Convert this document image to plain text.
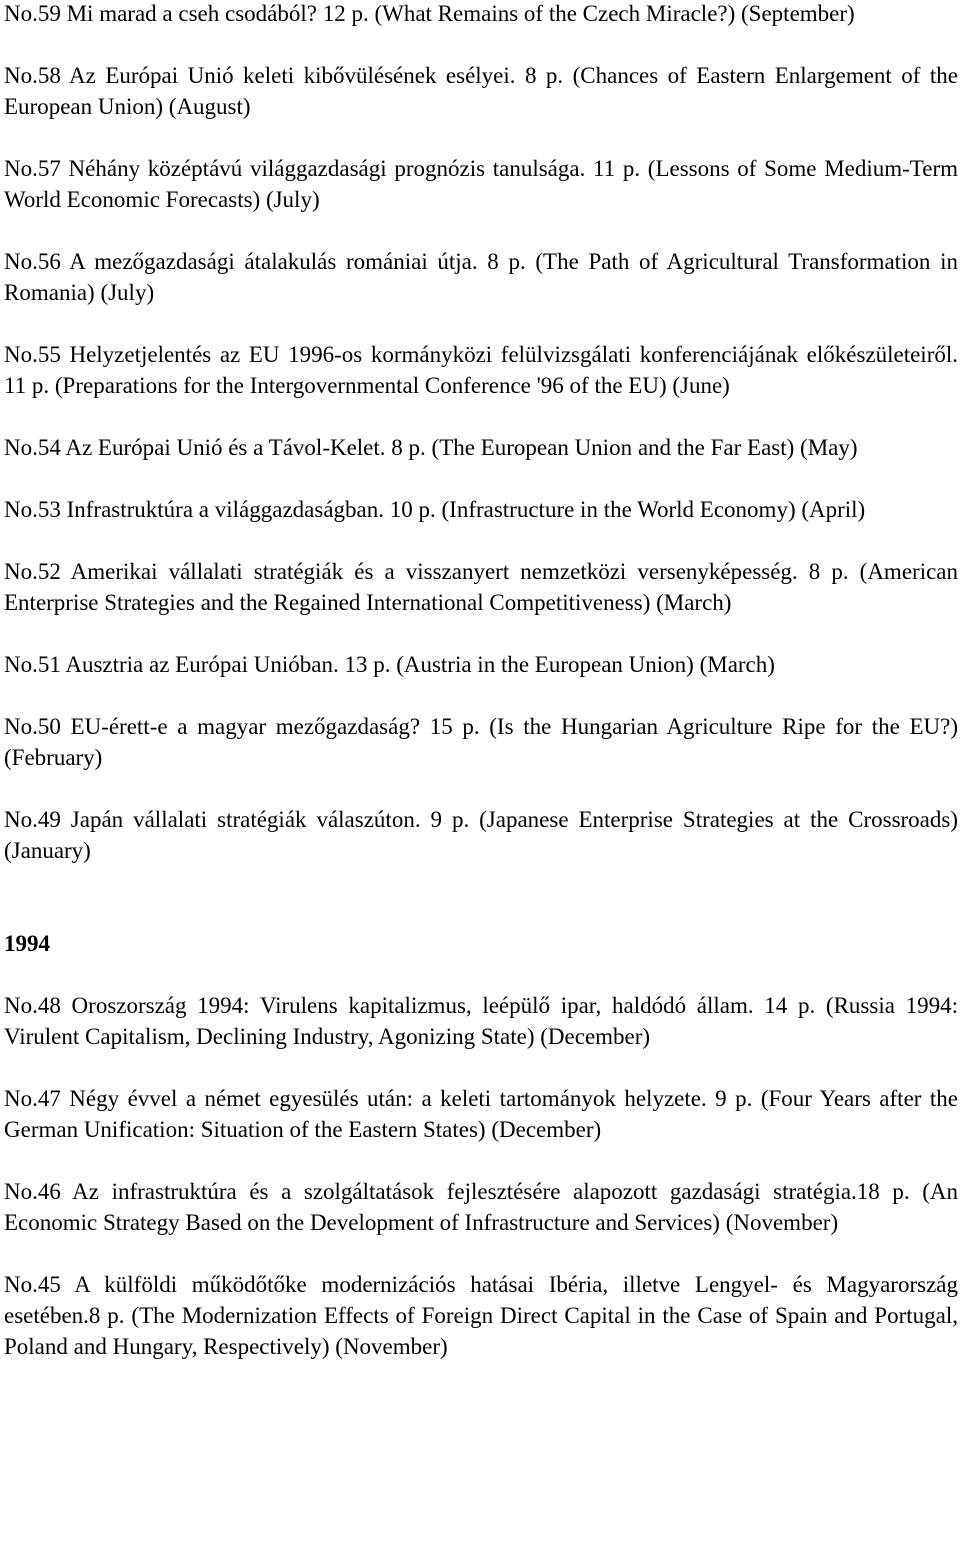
No.59 Mi marad a cseh csodából? 12 p. (What Remains of the Czech Miracle?) (September)

No.58 Az Európai Unió keleti kibővülésének esélyei. 8 p. (Chances of Eastern Enlargement of the European Union) (August)

No.57 Néhány középtávú világgazdasági prognózis tanulsága. 11 p. (Lessons of Some Medium-Term World Economic Forecasts) (July)

No.56 A mezőgazdasági átalakulás romániai útja. 8 p. (The Path of Agricultural Transformation in Romania) (July)

No.55 Helyzetjelentés az EU 1996-os kormányközi felülvizsgálati konferenciájának előkészületeiről. 11 p. (Preparations for the Intergovernmental Conference '96 of the EU) (June)

No.54 Az Európai Unió és a Távol-Kelet. 8 p. (The European Union and the Far East) (May)

No.53 Infrastruktúra a világgazdaságban. 10 p. (Infrastructure in the World Economy) (April)

No.52 Amerikai vállalati stratégiák és a visszanyert nemzetközi versenyképesség. 8 p. (American Enterprise Strategies and the Regained International Competitiveness) (March)

No.51 Ausztria az Európai Unióban. 13 p. (Austria in the European Union) (March)

No.50 EU-érett-e a magyar mezőgazdaság? 15 p. (Is the Hungarian Agriculture Ripe for the EU?) (February)

No.49 Japán vállalati stratégiák válaszúton. 9 p. (Japanese Enterprise Strategies at the Crossroads) (January)

1994

No.48 Oroszország 1994: Virulens kapitalizmus, leépülő ipar, haldódó állam. 14 p. (Russia 1994: Virulent Capitalism, Declining Industry, Agonizing State) (December)

No.47 Négy évvel a német egyesülés után: a keleti tartományok helyzete. 9 p. (Four Years after the German Unification: Situation of the Eastern States) (December)

No.46 Az infrastruktúra és a szolgáltatások fejlesztésére alapozott gazdasági stratégia.18 p. (An Economic Strategy Based on the Development of Infrastructure and Services) (November)

No.45 A külföldi működőtőke modernizációs hatásai Ibéria, illetve Lengyel- és Magyarország esetében.8 p. (The Modernization Effects of Foreign Direct Capital in the Case of Spain and Portugal, Poland and Hungary, Respectively) (November)
